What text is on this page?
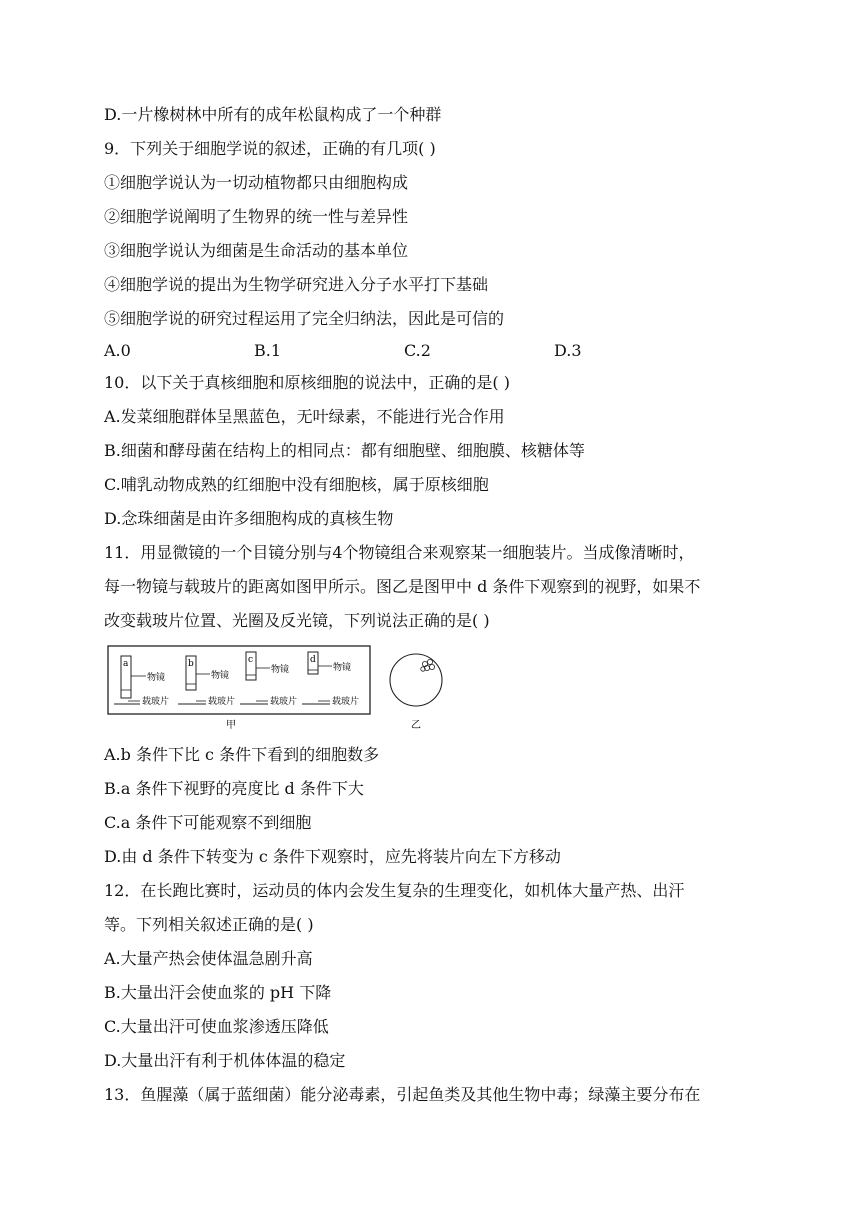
D.一片橡树林中所有的成年松鼠构成了一个种群
9．下列关于细胞学说的叙述，正确的有几项( )
①细胞学说认为一切动植物都只由细胞构成
②细胞学说阐明了生物界的统一性与差异性
③细胞学说认为细菌是生命活动的基本单位
④细胞学说的提出为生物学研究进入分子水平打下基础
⑤细胞学说的研究过程运用了完全归纳法，因此是可信的
A.0	B.1	C.2	D.3
10．以下关于真核细胞和原核细胞的说法中，正确的是( )
A.发菜细胞群体呈黑蓝色，无叶绿素，不能进行光合作用
B.细菌和酵母菌在结构上的相同点：都有细胞壁、细胞膜、核糖体等
C.哺乳动物成熟的红细胞中没有细胞核，属于原核细胞
D.念珠细菌是由许多细胞构成的真核生物
11．用显微镜的一个目镜分别与4个物镜组合来观察某一细胞装片。当成像清晰时，
每一物镜与载玻片的距离如图甲所示。图乙是图甲中 d 条件下观察到的视野，如果不
改变载玻片位置、光圈及反光镜，下列说法正确的是( )
a
物镜
载玻片
b
物镜
载玻片
c
物镜
载玻片
d
物镜
载玻片
甲	乙
A.b 条件下比 c 条件下看到的细胞数多
B.a 条件下视野的亮度比 d 条件下大
C.a 条件下可能观察不到细胞
D.由 d 条件下转变为 c 条件下观察时，应先将装片向左下方移动
12．在长跑比赛时，运动员的体内会发生复杂的生理变化，如机体大量产热、出汗
等。下列相关叙述正确的是( )
A.大量产热会使体温急剧升高
B.大量出汗会使血浆的 pH 下降
C.大量出汗可使血浆渗透压降低
D.大量出汗有利于机体体温的稳定
13．鱼腥藻（属于蓝细菌）能分泌毒素，引起鱼类及其他生物中毒；绿藻主要分布在
